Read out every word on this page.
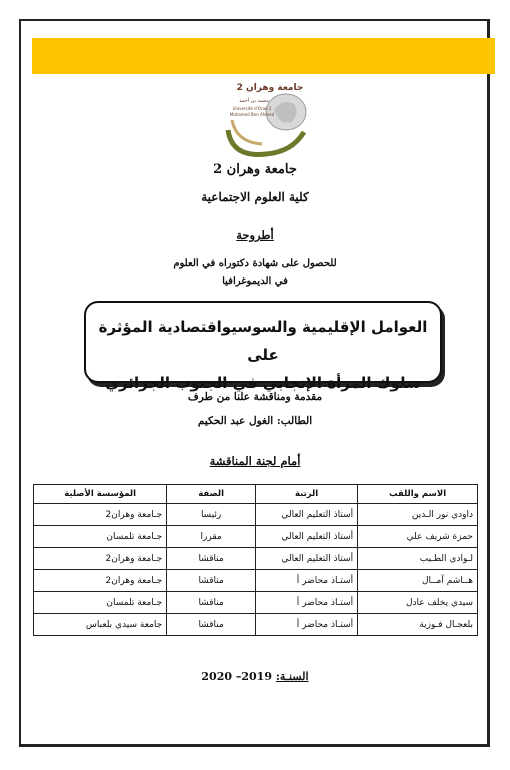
جامعة وهران 2
محمد بن أحمد
Université d'Oran 2
Mohamed Ben Ahmed
جامعة وهران 2
كلية العلوم الاجتماعية
أطروحة
للحصول على شهادة دكتوراه في العلوم
في الديموغرافيا
العوامل الإقليمية والسوسيواقتصادية المؤثرة على
سلوك المرأة الإنجابي في الجنوب الجزائري
مقدمة ومناقشة علنا من طرف
الطالب: الغول عبد الحكيم
أمام لجنة المناقشة
الاسم واللقب	الرتبة	الصفة	المؤسسة الأصلية
داودي نور الـدين	أستاذ التعليم العالي	رئيسا	جـامعة وهران2
حمزة شريف علي	أستاذ التعليم العالي	مقررا	جـامعة تلمسان
لـوادي الطـيب	أستاذ التعليم العالي	مناقشا	جـامعة وهران2
هــاشم آمــال	أستـاذ محاضر أ	مناقشا	جـامعة وهران2
سيدي يخلف عادل	أستـاذ محاضر أ	مناقشا	جـامعة تلمسان
بلعجـال فـوزية	أستـاذ محاضر أ	مناقشا	جامعة سيدي بلعباس
السنـة: 2019– 2020
